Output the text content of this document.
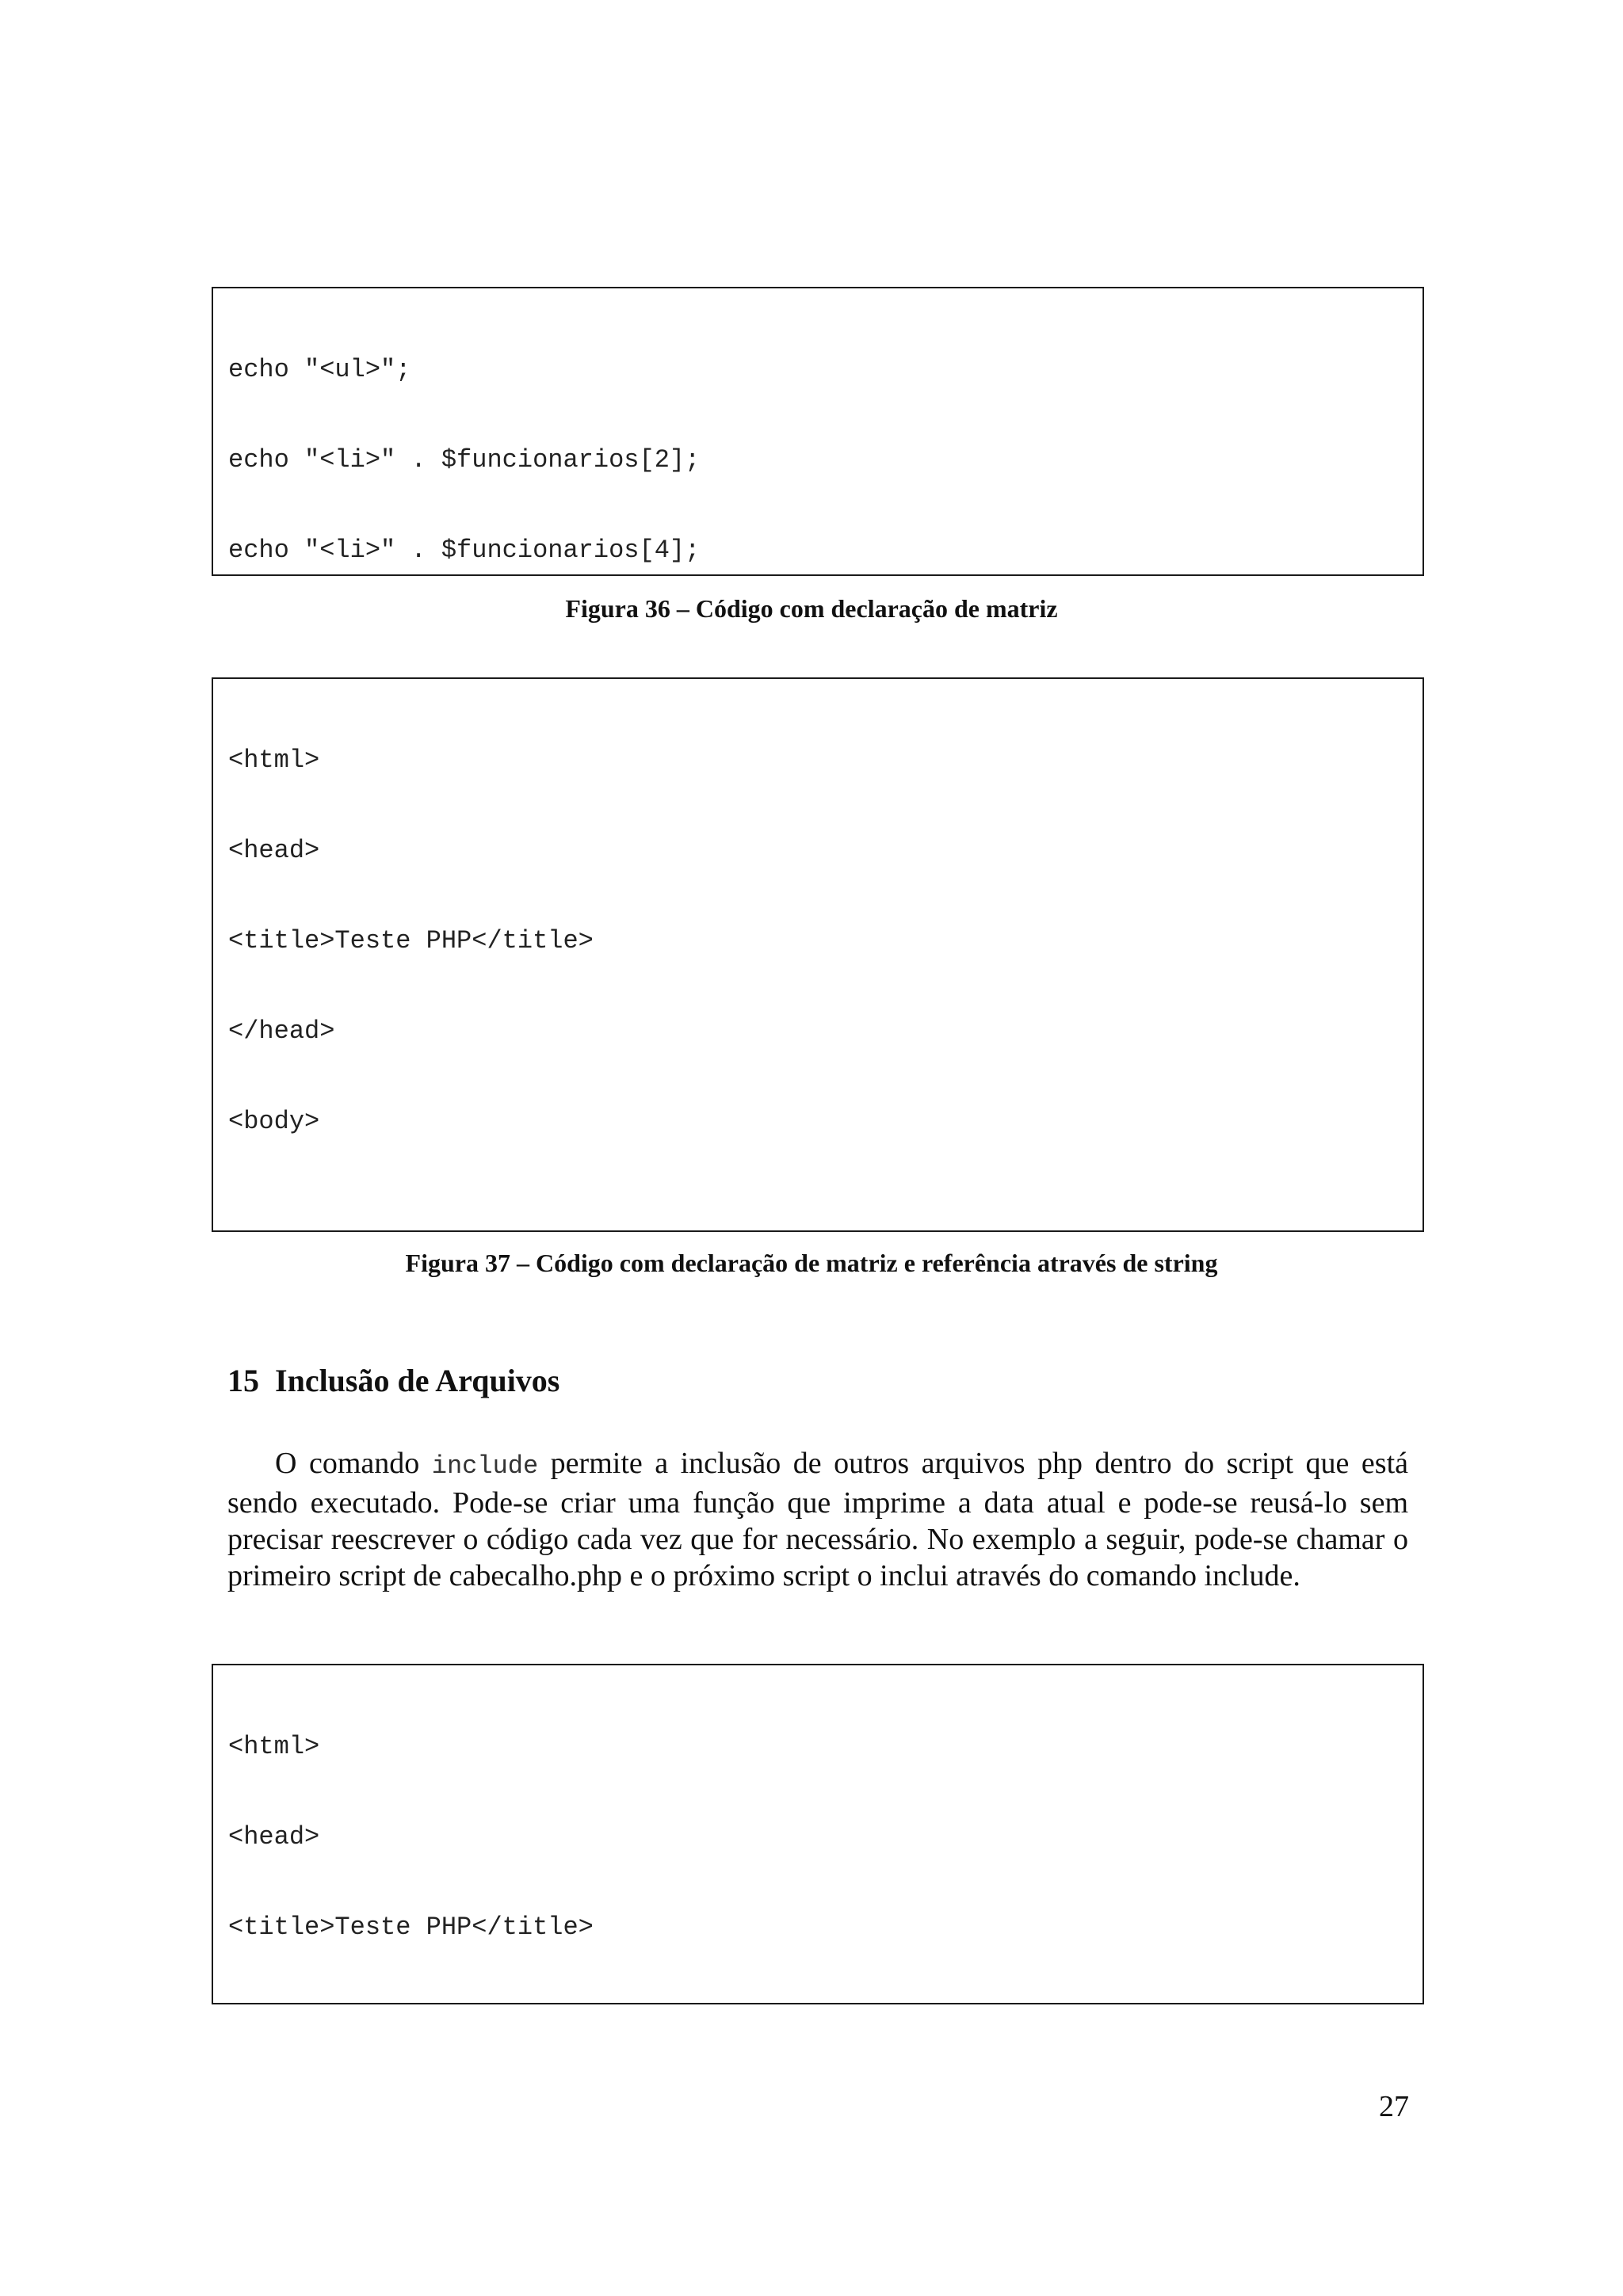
echo "<ul>";

echo "<li>" . $funcionarios[2];

echo "<li>" . $funcionarios[4];

Figura 36 – Código com declaração de matriz

<html>

<head>

<title>Teste PHP</title>

</head>

<body>

Figura 37 – Código com declaração de matriz e referência através de string
15 Inclusão de Arquivos

O comando include permite a inclusão de outros arquivos php dentro do script que está sendo executado. Pode-se criar uma função que imprime a data atual e pode-se reusá-lo sem precisar reescrever o código cada vez que for necessário. No exemplo a seguir, pode-se chamar o primeiro script de cabecalho.php e o próximo script o inclui através do comando include.

<html>

<head>

<title>Teste PHP</title>

27
